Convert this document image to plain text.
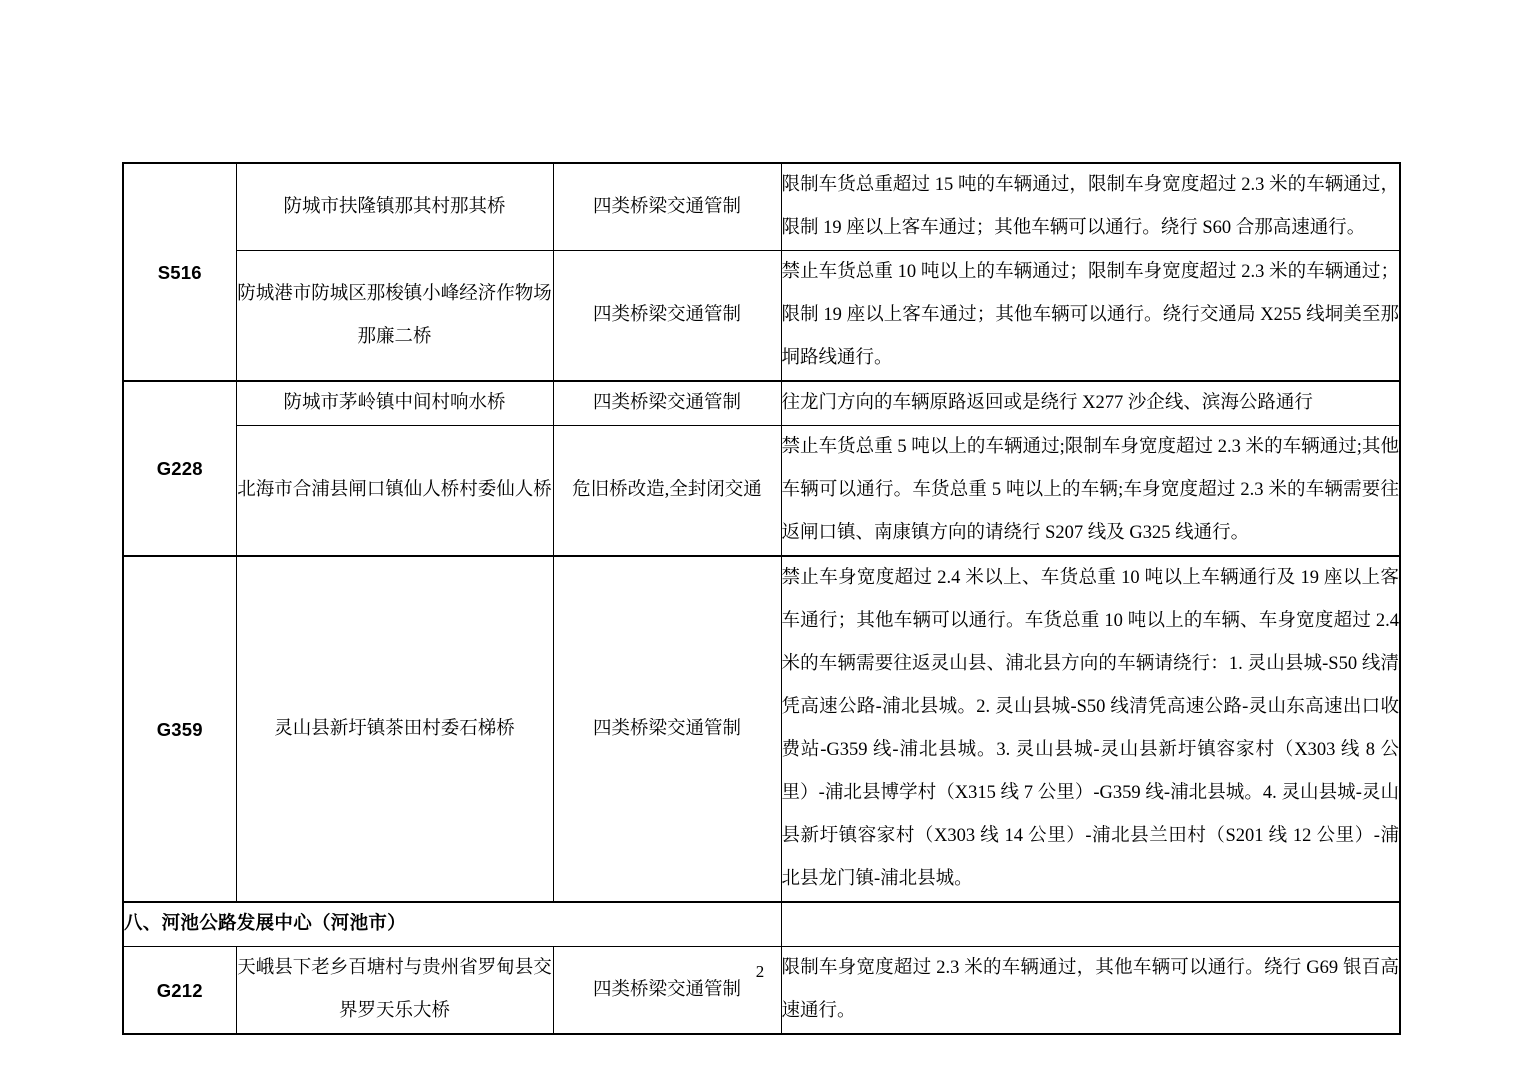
S516	防城市扶隆镇那其村那其桥	四类桥梁交通管制	限制车货总重超过 15 吨的车辆通过，限制车身宽度超过 2.3 米的车辆通过，限制 19 座以上客车通过；其他车辆可以通行。绕行 S60 合那高速通行。
	防城港市防城区那梭镇小峰经济作物场那廉二桥	四类桥梁交通管制	禁止车货总重 10 吨以上的车辆通过；限制车身宽度超过 2.3 米的车辆通过；限制 19 座以上客车通过；其他车辆可以通行。绕行交通局 X255 线垌美至那垌路线通行。
G228	防城市茅岭镇中间村响水桥	四类桥梁交通管制	往龙门方向的车辆原路返回或是绕行 X277 沙企线、滨海公路通行
	北海市合浦县闸口镇仙人桥村委仙人桥	危旧桥改造,全封闭交通	禁止车货总重 5 吨以上的车辆通过;限制车身宽度超过 2.3 米的车辆通过;其他车辆可以通行。车货总重 5 吨以上的车辆;车身宽度超过 2.3 米的车辆需要往返闸口镇、南康镇方向的请绕行 S207 线及 G325 线通行。
G359	灵山县新圩镇茶田村委石梯桥	四类桥梁交通管制	禁止车身宽度超过 2.4 米以上、车货总重 10 吨以上车辆通行及 19 座以上客车通行；其他车辆可以通行。车货总重 10 吨以上的车辆、车身宽度超过 2.4 米的车辆需要往返灵山县、浦北县方向的车辆请绕行：1. 灵山县城-S50 线清凭高速公路-浦北县城。2. 灵山县城-S50 线清凭高速公路-灵山东高速出口收费站-G359 线-浦北县城。3. 灵山县城-灵山县新圩镇容家村（X303 线 8 公里）-浦北县博学村（X315 线 7 公里）-G359 线-浦北县城。4. 灵山县城-灵山县新圩镇容家村（X303 线 14 公里）-浦北县兰田村（S201 线 12 公里）-浦北县龙门镇-浦北县城。
八、河池公路发展中心（河池市）			
G212	天峨县下老乡百塘村与贵州省罗甸县交界罗天乐大桥	四类桥梁交通管制	限制车身宽度超过 2.3 米的车辆通过，其他车辆可以通行。绕行 G69 银百高速通行。
2
